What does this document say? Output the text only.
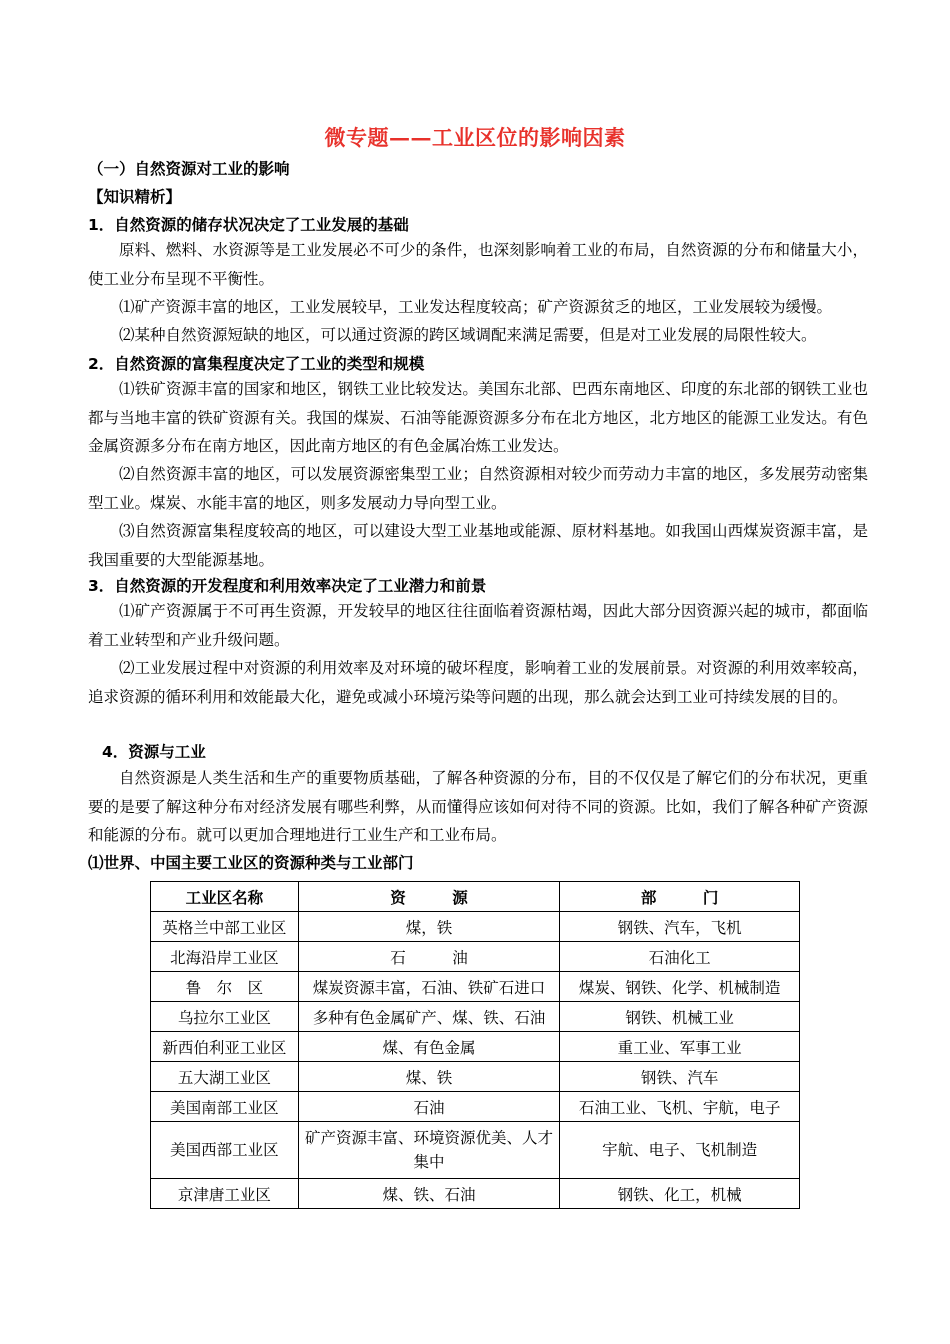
微专题——工业区位的影响因素
（一）自然资源对工业的影响
【知识精析】
1．自然资源的储存状况决定了工业发展的基础
原料、燃料、水资源等是工业发展必不可少的条件，也深刻影响着工业的布局，自然资源的分布和储量大小，使工业分布呈现不平衡性。
⑴矿产资源丰富的地区，工业发展较早，工业发达程度较高；矿产资源贫乏的地区，工业发展较为缓慢。
⑵某种自然资源短缺的地区，可以通过资源的跨区域调配来满足需要，但是对工业发展的局限性较大。
2．自然资源的富集程度决定了工业的类型和规模
⑴铁矿资源丰富的国家和地区，钢铁工业比较发达。美国东北部、巴西东南地区、印度的东北部的钢铁工业也都与当地丰富的铁矿资源有关。我国的煤炭、石油等能源资源多分布在北方地区，北方地区的能源工业发达。有色金属资源多分布在南方地区，因此南方地区的有色金属冶炼工业发达。
⑵自然资源丰富的地区，可以发展资源密集型工业；自然资源相对较少而劳动力丰富的地区，多发展劳动密集型工业。煤炭、水能丰富的地区，则多发展动力导向型工业。
⑶自然资源富集程度较高的地区，可以建设大型工业基地或能源、原材料基地。如我国山西煤炭资源丰富，是我国重要的大型能源基地。
3．自然资源的开发程度和利用效率决定了工业潜力和前景
⑴矿产资源属于不可再生资源，开发较早的地区往往面临着资源枯竭，因此大部分因资源兴起的城市，都面临着工业转型和产业升级问题。
⑵工业发展过程中对资源的利用效率及对环境的破坏程度，影响着工业的发展前景。对资源的利用效率较高，追求资源的循环利用和效能最大化，避免或减小环境污染等问题的出现，那么就会达到工业可持续发展的目的。
4．资源与工业
自然资源是人类生活和生产的重要物质基础，了解各种资源的分布，目的不仅仅是了解它们的分布状况，更重要的是要了解这种分布对经济发展有哪些利弊，从而懂得应该如何对待不同的资源。比如，我们了解各种矿产资源和能源的分布。就可以更加合理地进行工业生产和工业布局。
⑴世界、中国主要工业区的资源种类与工业部门
工业区名称	资　　　源	部　　　门
英格兰中部工业区	煤，铁	钢铁、汽车，飞机
北海沿岸工业区	石　　　油	石油化工
鲁　尔　区	煤炭资源丰富，石油、铁矿石进口	煤炭、钢铁、化学、机械制造
乌拉尔工业区	多种有色金属矿产、煤、铁、石油	钢铁、机械工业
新西伯利亚工业区	煤、有色金属	重工业、军事工业
五大湖工业区	煤、铁	钢铁、汽车
美国南部工业区	石油	石油工业、飞机、宇航，电子
美国西部工业区	矿产资源丰富、环境资源优美、人才集中	宇航、电子、飞机制造
京津唐工业区	煤、铁、石油	钢铁、化工，机械
